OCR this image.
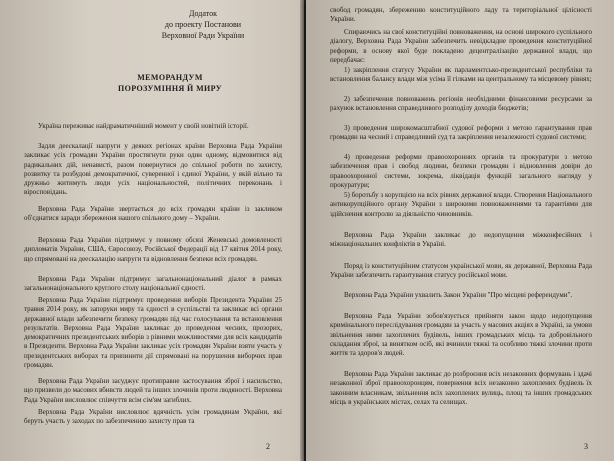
Додаток
до проекту Постанови
Верховної Ради України
МЕМОРАНДУМ
ПОРОЗУМІННЯ Й МИРУ

Україна переживає найдраматичніший момент у своїй новітній історії.

Задля деескалації напруги у деяких регіонах країни Верховна Рада України закликає усіх громадян України простягнути руки один одному, відмовитися від радикальних дій, ненависті, разом повернутися до спільної роботи по захисту, розвитку та розбудові демократичної, суверенної і єдиної України, у якій вільно та дружньо житимуть люди усіх національностей, політичних переконань і віросповідань.

Верховна Рада України звертається до всіх громадян країни із закликом об'єднатися заради збереження нашого спільного дому – України.

Верховна Рада України підтримує у повному обсязі Женевські домовленості дипломатів України, США, Євросоюзу, Російської Федерації від 17 квітня 2014 року, що спрямовані на деескалацію напруги та відновлення безпеки всіх громадян.

Верховна Рада України підтримує загальнонаціональний діалог в рамках загальнонаціонального круглого столу національної єдності.

Верховна Рада України підтримує проведення виборів Президента України 25 травня 2014 року, як запоруки миру та єдності в суспільстві та закликає всі органи державної влади забезпечити безпеку громадян під час голосування та встановлення результатів. Верховна Рада України закликає до проведення чесних, прозорих, демократичних президентських виборів з рівними можливостями для всіх кандидатів в Президенти. Верховна Рада України закликає усіх громадян України взяти участь у президентських виборах та припинити дії спрямовані на порушення виборчих прав громадян.

Верховна Рада України засуджує протиправне застосування зброї і насильство, що призвели до масових вбивств людей та інших злочинів проти людяності. Верховна Рада України висловлює співчуття всім сім'ям загиблих.

Верховна Рада України висловлює вдячність усім громадянам України, які беруть участь у заходах по забезпеченню захисту прав та

2

свобод громадян, збереженню конституційного ладу та територіальної цілісності України.

Спираючись на свої конституційні повноваження, на основі широкого суспільного діалогу, Верховна Рада України забезпечить невідкладне проведення конституційної реформи, в основу якої буде покладено децентралізацію державної влади, що передбачає:

1) закріплення статусу України як парламентсько-президентської республіки та встановлення балансу влади між усіма її гілками на центральному та місцевому рівнях;

2) забезпечення повноважень регіонів необхідними фінансовими ресурсами за рахунок встановлення справедливого розподілу доходів бюджетів;

3) проведення широкомасштабної судової реформи з метою гарантування прав громадян на чесний і справедливий суд та закріплення незалежності судової системи;

4) проведення реформи правоохоронних органів та прокуратури з метою забезпечення прав і свобод людини, безпеки громадян і відновлення довіри до правоохоронної системи, зокрема, ліквідація функцій загального нагляду у прокуратури;

5) боротьбу з корупцією на всіх рівнях державної влади. Створення Національного антикорупційного органу України з широкими повноваженнями та гарантіями для здійснення контролю за діяльністю чиновників.

Верховна Рада України закликає до недопущення міжконфесійних і міжнаціональних конфліктів в Україні.

Поряд із конституційним статусом української мови, як державної, Верховна Рада України забезпечить гарантування статусу російської мови.

Верховна Рада України ухвалить Закон України "Про місцеві референдуми".

Верховна Рада України зобов'язується прийняти закон щодо недопущення кримінального переслідування громадян за участь у масових акціях в Україні, за умови звільнення ними захоплених будівель, інших громадських місць та добровільного складання зброї, за винятком осіб, які вчинили тяжкі та особливо тяжкі злочини проти життя та здоров'я людей.

Верховна Рада України закликає до розброєння всіх незаконних формувань і здачі незаконної зброї правоохоронцям, повернення всіх незаконно захоплених будівель їх законним власникам, звільнення всіх захоплених вулиць, площ та інших громадських місць в українських містах, селах та селищах.

3
